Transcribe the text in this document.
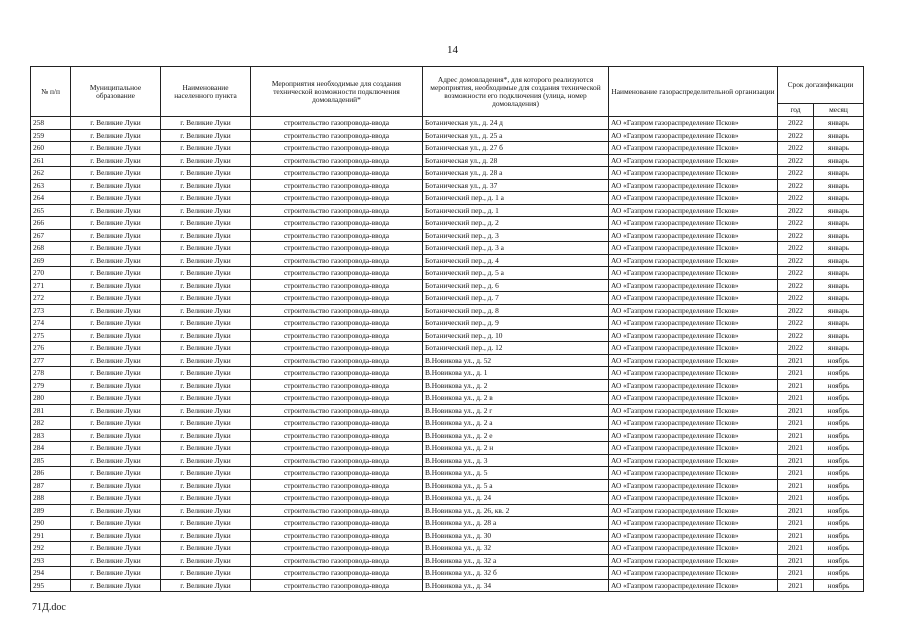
14
№ п/п	Муниципальное образование	Наименование населенного пункта	Мероприятия необходимые для создания технической возможности подключения домовладений*	Адрес домовладения*, для которого реализуются мероприятия, необходимые для создания технической возможности его подключения (улица, номер домовладения)	Наименование газораспределительной организации	Срок догазификации	
						год	месяц
258	г. Великие Луки	г. Великие Луки	строительство газопровода-ввода	Ботаническая ул., д. 24 д	АО «Газпром газораспределение Псков»	2022	январь
259	г. Великие Луки	г. Великие Луки	строительство газопровода-ввода	Ботаническая ул., д. 25 а	АО «Газпром газораспределение Псков»	2022	январь
260	г. Великие Луки	г. Великие Луки	строительство газопровода-ввода	Ботаническая ул., д. 27 б	АО «Газпром газораспределение Псков»	2022	январь
261	г. Великие Луки	г. Великие Луки	строительство газопровода-ввода	Ботаническая ул., д. 28	АО «Газпром газораспределение Псков»	2022	январь
262	г. Великие Луки	г. Великие Луки	строительство газопровода-ввода	Ботаническая ул., д. 28 а	АО «Газпром газораспределение Псков»	2022	январь
263	г. Великие Луки	г. Великие Луки	строительство газопровода-ввода	Ботаническая ул., д. 37	АО «Газпром газораспределение Псков»	2022	январь
264	г. Великие Луки	г. Великие Луки	строительство газопровода-ввода	Ботанический пер., д. 1 а	АО «Газпром газораспределение Псков»	2022	январь
265	г. Великие Луки	г. Великие Луки	строительство газопровода-ввода	Ботанический пер., д. 1	АО «Газпром газораспределение Псков»	2022	январь
266	г. Великие Луки	г. Великие Луки	строительство газопровода-ввода	Ботанический пер., д. 2	АО «Газпром газораспределение Псков»	2022	январь
267	г. Великие Луки	г. Великие Луки	строительство газопровода-ввода	Ботанический пер., д. 3	АО «Газпром газораспределение Псков»	2022	январь
268	г. Великие Луки	г. Великие Луки	строительство газопровода-ввода	Ботанический пер., д. 3 а	АО «Газпром газораспределение Псков»	2022	январь
269	г. Великие Луки	г. Великие Луки	строительство газопровода-ввода	Ботанический пер., д. 4	АО «Газпром газораспределение Псков»	2022	январь
270	г. Великие Луки	г. Великие Луки	строительство газопровода-ввода	Ботанический пер., д. 5 а	АО «Газпром газораспределение Псков»	2022	январь
271	г. Великие Луки	г. Великие Луки	строительство газопровода-ввода	Ботанический пер., д. 6	АО «Газпром газораспределение Псков»	2022	январь
272	г. Великие Луки	г. Великие Луки	строительство газопровода-ввода	Ботанический пер., д. 7	АО «Газпром газораспределение Псков»	2022	январь
273	г. Великие Луки	г. Великие Луки	строительство газопровода-ввода	Ботанический пер., д. 8	АО «Газпром газораспределение Псков»	2022	январь
274	г. Великие Луки	г. Великие Луки	строительство газопровода-ввода	Ботанический пер., д. 9	АО «Газпром газораспределение Псков»	2022	январь
275	г. Великие Луки	г. Великие Луки	строительство газопровода-ввода	Ботанический пер., д. 10	АО «Газпром газораспределение Псков»	2022	январь
276	г. Великие Луки	г. Великие Луки	строительство газопровода-ввода	Ботанический пер., д. 12	АО «Газпром газораспределение Псков»	2022	январь
277	г. Великие Луки	г. Великие Луки	строительство газопровода-ввода	В.Новикова ул., д. 52	АО «Газпром газораспределение Псков»	2021	ноябрь
278	г. Великие Луки	г. Великие Луки	строительство газопровода-ввода	В.Новикова ул., д. 1	АО «Газпром газораспределение Псков»	2021	ноябрь
279	г. Великие Луки	г. Великие Луки	строительство газопровода-ввода	В.Новикова ул., д. 2	АО «Газпром газораспределение Псков»	2021	ноябрь
280	г. Великие Луки	г. Великие Луки	строительство газопровода-ввода	В.Новикова ул., д. 2 в	АО «Газпром газораспределение Псков»	2021	ноябрь
281	г. Великие Луки	г. Великие Луки	строительство газопровода-ввода	В.Новикова ул., д. 2 г	АО «Газпром газораспределение Псков»	2021	ноябрь
282	г. Великие Луки	г. Великие Луки	строительство газопровода-ввода	В.Новикова ул., д. 2 а	АО «Газпром газораспределение Псков»	2021	ноябрь
283	г. Великие Луки	г. Великие Луки	строительство газопровода-ввода	В.Новикова ул., д. 2 е	АО «Газпром газораспределение Псков»	2021	ноябрь
284	г. Великие Луки	г. Великие Луки	строительство газопровода-ввода	В.Новикова ул., д. 2 н	АО «Газпром газораспределение Псков»	2021	ноябрь
285	г. Великие Луки	г. Великие Луки	строительство газопровода-ввода	В.Новикова ул., д. 3	АО «Газпром газораспределение Псков»	2021	ноябрь
286	г. Великие Луки	г. Великие Луки	строительство газопровода-ввода	В.Новикова ул., д. 5	АО «Газпром газораспределение Псков»	2021	ноябрь
287	г. Великие Луки	г. Великие Луки	строительство газопровода-ввода	В.Новикова ул., д. 5 а	АО «Газпром газораспределение Псков»	2021	ноябрь
288	г. Великие Луки	г. Великие Луки	строительство газопровода-ввода	В.Новикова ул., д. 24	АО «Газпром газораспределение Псков»	2021	ноябрь
289	г. Великие Луки	г. Великие Луки	строительство газопровода-ввода	В.Новикова ул., д. 26, кв. 2	АО «Газпром газораспределение Псков»	2021	ноябрь
290	г. Великие Луки	г. Великие Луки	строительство газопровода-ввода	В.Новикова ул., д. 28 а	АО «Газпром газораспределение Псков»	2021	ноябрь
291	г. Великие Луки	г. Великие Луки	строительство газопровода-ввода	В.Новикова ул., д. 30	АО «Газпром газораспределение Псков»	2021	ноябрь
292	г. Великие Луки	г. Великие Луки	строительство газопровода-ввода	В.Новикова ул., д. 32	АО «Газпром газораспределение Псков»	2021	ноябрь
293	г. Великие Луки	г. Великие Луки	строительство газопровода-ввода	В.Новикова ул., д. 32 а	АО «Газпром газораспределение Псков»	2021	ноябрь
294	г. Великие Луки	г. Великие Луки	строительство газопровода-ввода	В.Новикова ул., д. 32 б	АО «Газпром газораспределение Псков»	2021	ноябрь
295	г. Великие Луки	г. Великие Луки	строительство газопровода-ввода	В.Новикова ул., д. 34	АО «Газпром газораспределение Псков»	2021	ноябрь
71Д.doc
